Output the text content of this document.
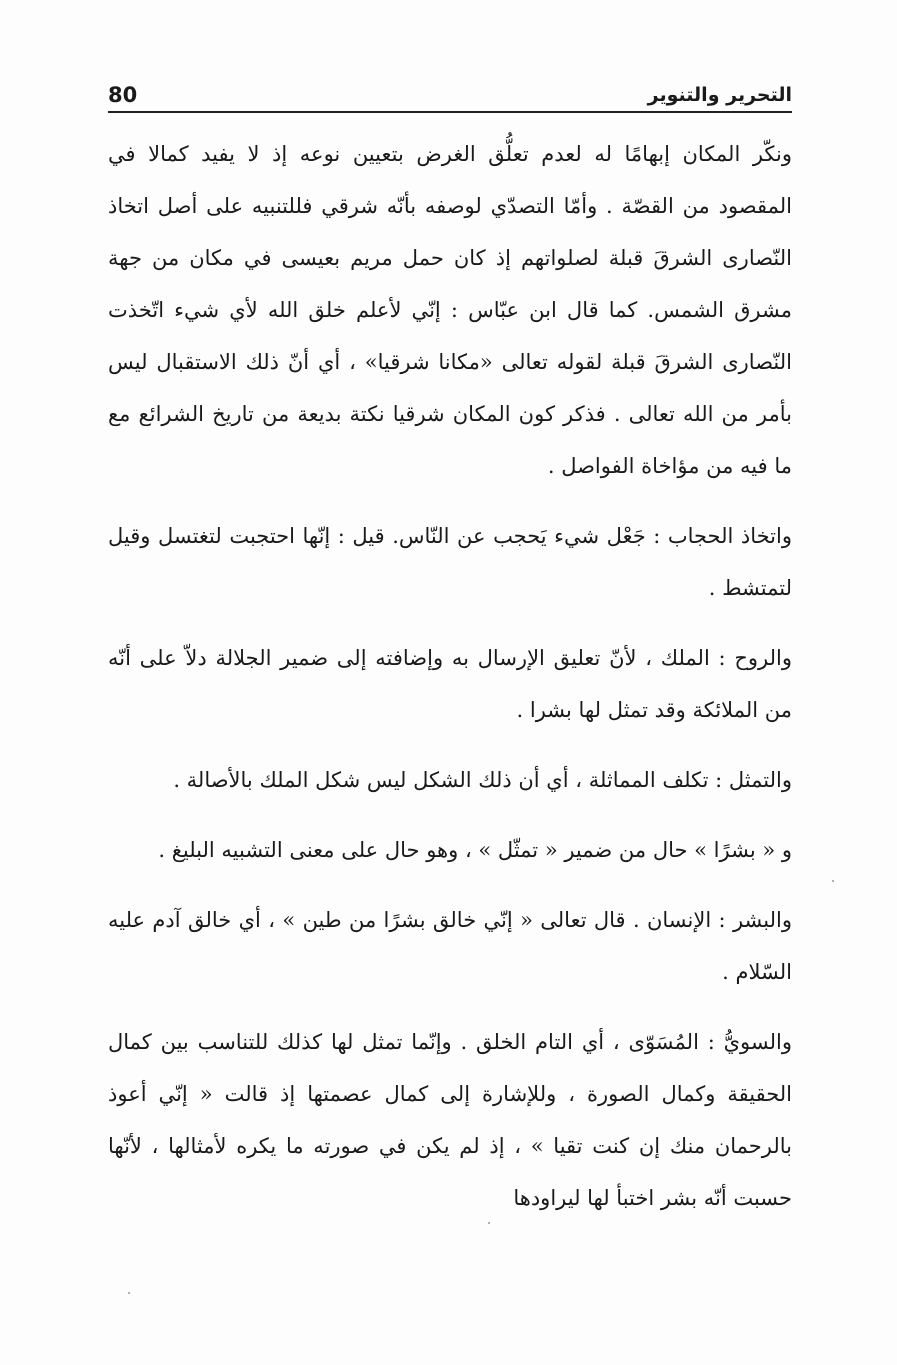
التحرير والتنوير
80

ونكّر المكان إبهامًا له لعدم تعلُّق الغرض بتعيين نوعه إذ لا يفيد كمالا في المقصود من القصّة . وأمّا التصدّي لوصفه بأنّه شرقي فللتنبيه على أصل اتخاذ النّصارى الشرقَ قبلة لصلواتهم إذ كان حمل مريم بعيسى في مكان من جهة مشرق الشمس. كما قال ابن عبّاس : إنّي لأعلم خلق الله لأي شيء اتّخذت النّصارى الشرقَ قبلة لقوله تعالى «مكانا شرقيا» ، أي أنّ ذلك الاستقبال ليس بأمر من الله تعالى . فذكر كون المكان شرقيا نكتة بديعة من تاريخ الشرائع مع ما فيه من مؤاخاة الفواصل .

واتخاذ الحجاب : جَعْل شيء يَحجب عن النّاس. قيل : إنّها احتجبت لتغتسل وقيل لتمتشط .

والروح : الملك ، لأنّ تعليق الإرسال به وإضافته إلى ضمير الجلالة دلاّ على أنّه من الملائكة وقد تمثل لها بشرا .

والتمثل : تكلف المماثلة ، أي أن ذلك الشكل ليس شكل الملك بالأصالة .

و « بشرًا » حال من ضمير « تمثّل » ، وهو حال على معنى التشبيه البليغ .

والبشر : الإنسان . قال تعالى « إنّي خالق بشرًا من طين » ، أي خالق آدم عليه السّلام .

والسويُّ : المُسَوّى ، أي التام الخلق . وإنّما تمثل لها كذلك للتناسب بين كمال الحقيقة وكمال الصورة ، وللإشارة إلى كمال عصمتها إذ قالت « إنّي أعوذ بالرحمان منك إن كنت تقيا » ، إذ لم يكن في صورته ما يكره لأمثالها ، لأنّها حسبت أنّه بشر اختبأ لها ليراودها
